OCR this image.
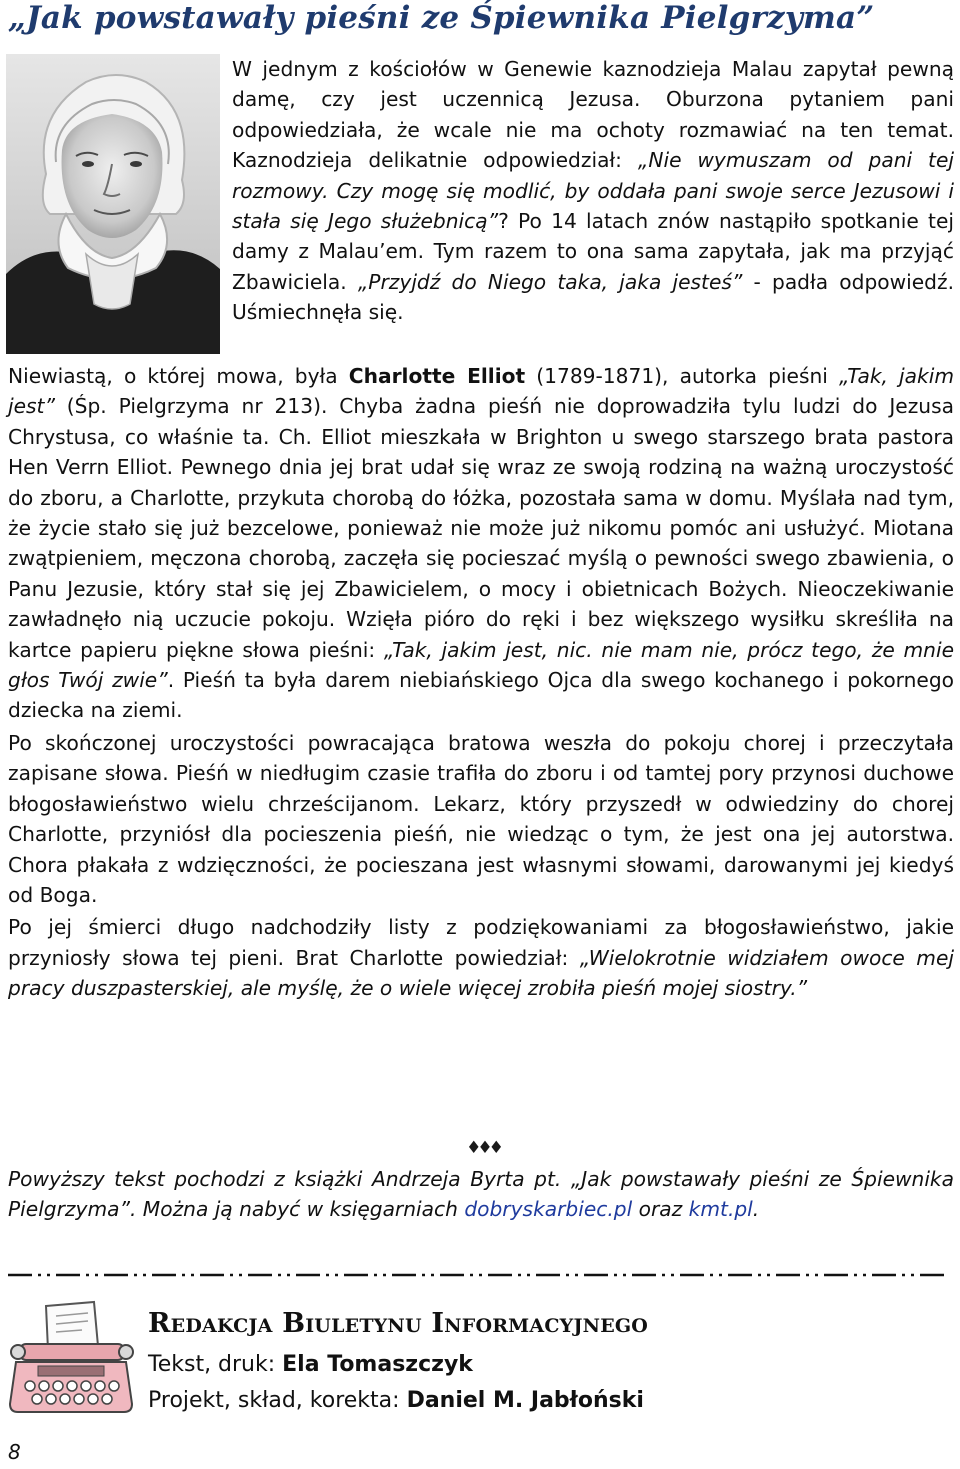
„Jak powstawały pieśni ze Śpiewnika Pielgrzyma”

W jednym z kościołów w Genewie kaznodzieja Malau zapytał pewną damę, czy jest uczennicą Jezusa. Oburzona pytaniem pani odpowiedziała, że wcale nie ma ochoty rozmawiać na ten temat. Kaznodzieja delikatnie odpowiedział: „Nie wymuszam od pani tej rozmowy. Czy mogę się modlić, by oddała pani swoje serce Jezusowi i stała się Jego służebnicą”? Po 14 latach znów nastąpiło spotkanie tej damy z Malau’em. Tym razem to ona sama zapytała, jak ma przyjąć Zbawiciela. „Przyjdź do Niego taka, jaka jesteś” - padła odpowiedź. Uśmiechnęła się.

Niewiastą, o której mowa, była Charlotte Elliot (1789-1871), autorka pieśni „Tak, jakim jest” (Śp. Pielgrzyma nr 213). Chyba żadna pieśń nie doprowadziła tylu ludzi do Jezusa Chrystusa, co właśnie ta. Ch. Elliot mieszkała w Brighton u swego starszego brata pastora Hen Verrn Elliot. Pewnego dnia jej brat udał się wraz ze swoją rodziną na ważną uroczystość do zboru, a Charlotte, przykuta chorobą do łóżka, pozostała sama w domu. Myślała nad tym, że życie stało się już bezcelowe, ponieważ nie może już nikomu pomóc ani usłużyć. Miotana zwątpieniem, męczona chorobą, zaczęła się pocieszać myślą o pewności swego zbawienia, o Panu Jezusie, który stał się jej Zbawicielem, o mocy i obietnicach Bożych. Nieoczekiwanie zawładnęło nią uczucie pokoju. Wzięła pióro do ręki i bez większego wysiłku skreśliła na kartce papieru piękne słowa pieśni: „Tak, jakim jest, nic. nie mam nie, prócz tego, że mnie głos Twój zwie”. Pieśń ta była darem niebiańskiego Ojca dla swego kochanego i pokornego dziecka na ziemi.

Po skończonej uroczystości powracająca bratowa weszła do pokoju chorej i przeczytała zapisane słowa. Pieśń w niedługim czasie trafiła do zboru i od tamtej pory przynosi duchowe błogosławieństwo wielu chrześcijanom. Lekarz, który przyszedł w odwiedziny do chorej Charlotte, przyniósł dla pocieszenia pieśń, nie wiedząc o tym, że jest ona jej autorstwa. Chora płakała z wdzięczności, że pocieszana jest własnymi słowami, darowanymi jej kiedyś od Boga.

Po jej śmierci długo nadchodziły listy z podziękowaniami za błogosławieństwo, jakie przyniosły słowa tej pieni. Brat Charlotte powiedział: „Wielokrotnie widziałem owoce mej pracy duszpasterskiej, ale myślę, że o wiele więcej zrobiła pieśń mojej siostry.”

♦♦♦
Powyższy tekst pochodzi z książki Andrzeja Byrta pt. „Jak powstawały pieśni ze Śpiewnika Pielgrzyma”. Można ją nabyć w księgarniach dobryskarbiec.pl oraz kmt.pl.
Redakcja Biuletynu Informacyjnego
Tekst, druk: Ela Tomaszczyk
Projekt, skład, korekta: Daniel M. Jabłoński
8
